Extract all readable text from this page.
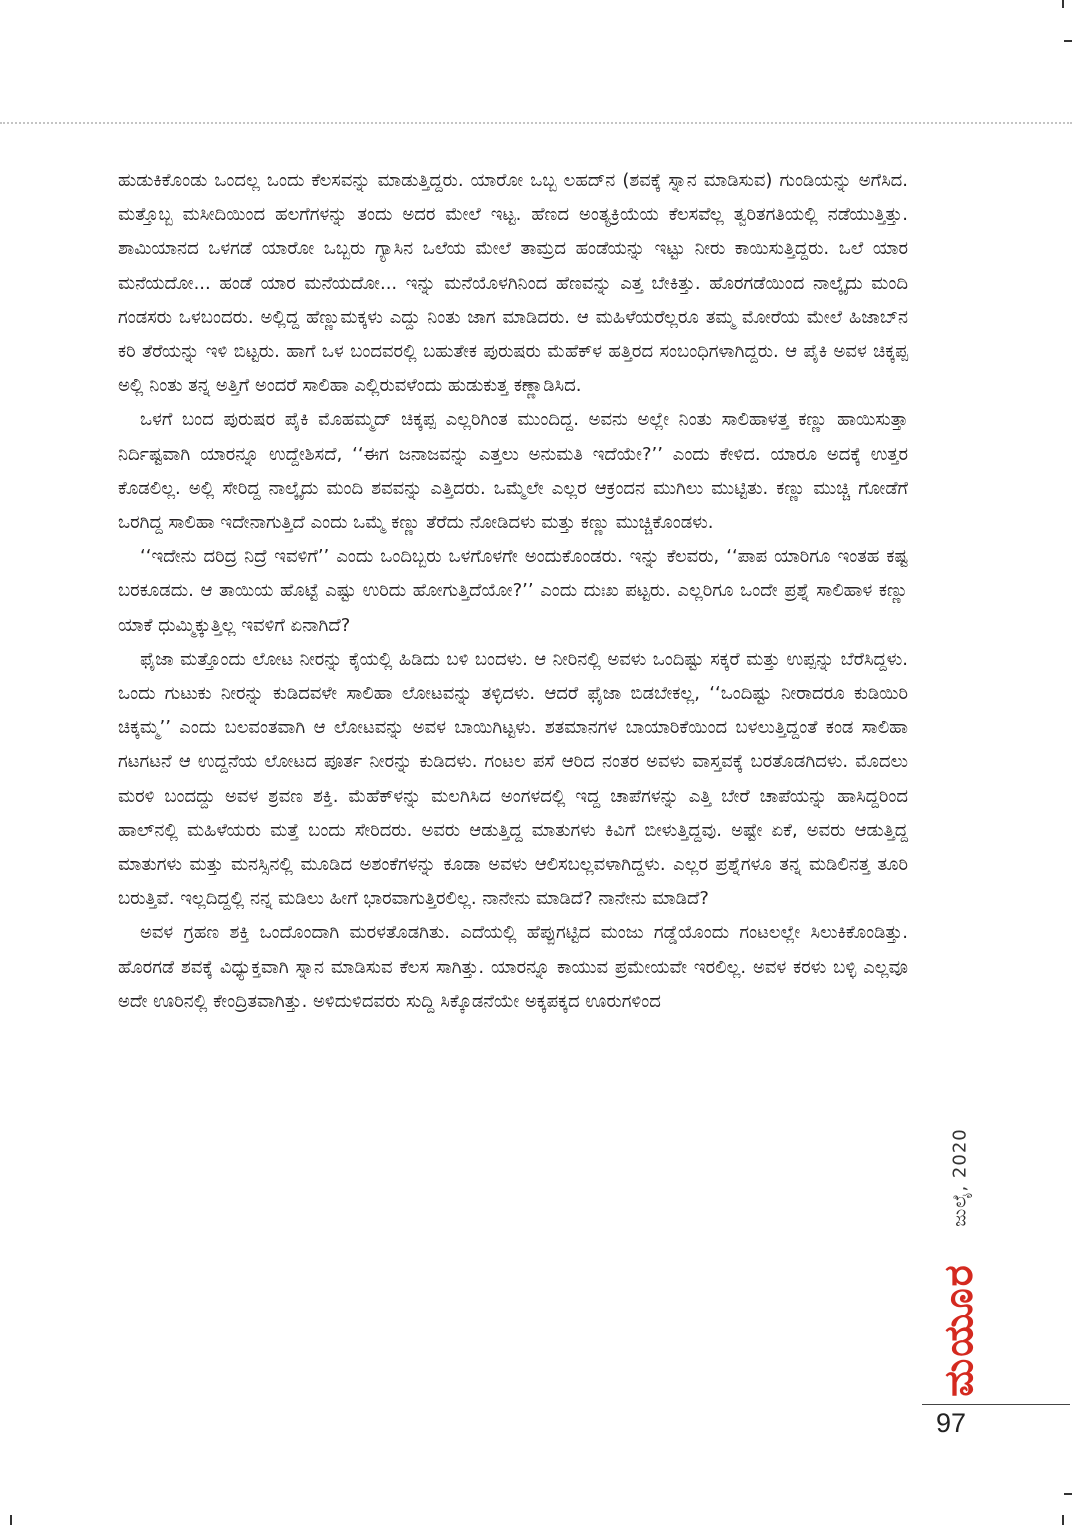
ಹುಡುಕಿಕೊಂಡು ಒಂದಲ್ಲ ಒಂದು ಕೆಲಸವನ್ನು ಮಾಡುತ್ತಿದ್ದರು. ಯಾರೋ ಒಬ್ಬ ಲಹದ್‌ನ (ಶವಕ್ಕೆ ಸ್ನಾನ ಮಾಡಿಸುವ) ಗುಂಡಿಯನ್ನು ಅಗೆಸಿದ. ಮತ್ತೊಬ್ಬ ಮಸೀದಿಯಿಂದ ಹಲಗೆಗಳನ್ನು ತಂದು ಅದರ ಮೇಲೆ ಇಟ್ಟ. ಹೆಣದ ಅಂತ್ಯಕ್ರಿಯೆಯ ಕೆಲಸವೆಲ್ಲ ತ್ವರಿತಗತಿಯಲ್ಲಿ ನಡೆಯುತ್ತಿತ್ತು. ಶಾಮಿಯಾನದ ಒಳಗಡೆ ಯಾರೋ ಒಬ್ಬರು ಗ್ಯಾಸಿನ ಒಲೆಯ ಮೇಲೆ ತಾಮ್ರದ ಹಂಡೆಯನ್ನು ಇಟ್ಟು ನೀರು ಕಾಯಿಸುತ್ತಿದ್ದರು. ಒಲೆ ಯಾರ ಮನೆಯದೋ... ಹಂಡೆ ಯಾರ ಮನೆಯದೋ... ಇನ್ನು ಮನೆಯೊಳಗಿನಿಂದ ಹೆಣವನ್ನು ಎತ್ತ ಬೇಕಿತ್ತು. ಹೊರಗಡೆಯಿಂದ ನಾಲ್ಕೈದು ಮಂದಿ ಗಂಡಸರು ಒಳಬಂದರು. ಅಲ್ಲಿದ್ದ ಹೆಣ್ಣುಮಕ್ಕಳು ಎದ್ದು ನಿಂತು ಜಾಗ ಮಾಡಿದರು. ಆ ಮಹಿಳೆಯರೆಲ್ಲರೂ ತಮ್ಮ ಮೋರೆಯ ಮೇಲೆ ಹಿಜಾಬ್‌ನ ಕರಿ ತೆರೆಯನ್ನು ಇಳಿ ಬಿಟ್ಟರು. ಹಾಗೆ ಒಳ ಬಂದವರಲ್ಲಿ ಬಹುತೇಕ ಪುರುಷರು ಮೆಹೆಕ್‌ಳ ಹತ್ತಿರದ ಸಂಬಂಧಿಗಳಾಗಿದ್ದರು. ಆ ಪೈಕಿ ಅವಳ ಚಿಕ್ಕಪ್ಪ ಅಲ್ಲಿ ನಿಂತು ತನ್ನ ಅತ್ತಿಗೆ ಅಂದರೆ ಸಾಲಿಹಾ ಎಲ್ಲಿರುವಳೆಂದು ಹುಡುಕುತ್ತ ಕಣ್ಣಾಡಿಸಿದ.

ಒಳಗೆ ಬಂದ ಪುರುಷರ ಪೈಕಿ ಮೊಹಮ್ಮದ್ ಚಿಕ್ಕಪ್ಪ ಎಲ್ಲರಿಗಿಂತ ಮುಂದಿದ್ದ. ಅವನು ಅಲ್ಲೇ ನಿಂತು ಸಾಲಿಹಾಳತ್ತ ಕಣ್ಣು ಹಾಯಿಸುತ್ತಾ ನಿರ್ದಿಷ್ಟವಾಗಿ ಯಾರನ್ನೂ ಉದ್ದೇಶಿಸದೆ, ‘‘ಈಗ ಜನಾಜವನ್ನು ಎತ್ತಲು ಅನುಮತಿ ಇದೆಯೇ?’’ ಎಂದು ಕೇಳಿದ. ಯಾರೂ ಅದಕ್ಕೆ ಉತ್ತರ ಕೊಡಲಿಲ್ಲ. ಅಲ್ಲಿ ಸೇರಿದ್ದ ನಾಲ್ಕೈದು ಮಂದಿ ಶವವನ್ನು ಎತ್ತಿದರು. ಒಮ್ಮೆಲೇ ಎಲ್ಲರ ಆಕ್ರಂದನ ಮುಗಿಲು ಮುಟ್ಟಿತು. ಕಣ್ಣು ಮುಚ್ಚಿ ಗೋಡೆಗೆ ಒರಗಿದ್ದ ಸಾಲಿಹಾ ಇದೇನಾಗುತ್ತಿದೆ ಎಂದು ಒಮ್ಮೆ ಕಣ್ಣು ತೆರೆದು ನೋಡಿದಳು ಮತ್ತು ಕಣ್ಣು ಮುಚ್ಚಿಕೊಂಡಳು.

‘‘ಇದೇನು ದರಿದ್ರ ನಿದ್ರೆ ಇವಳಿಗೆ’’ ಎಂದು ಒಂದಿಬ್ಬರು ಒಳಗೊಳಗೇ ಅಂದುಕೊಂಡರು. ಇನ್ನು ಕೆಲವರು, ‘‘ಪಾಪ ಯಾರಿಗೂ ಇಂತಹ ಕಷ್ಟ ಬರಕೂಡದು. ಆ ತಾಯಿಯ ಹೊಟ್ಟೆ ಎಷ್ಟು ಉರಿದು ಹೋಗುತ್ತಿದೆಯೋ?’’ ಎಂದು ದುಃಖ ಪಟ್ಟರು. ಎಲ್ಲರಿಗೂ ಒಂದೇ ಪ್ರಶ್ನೆ ಸಾಲಿಹಾಳ ಕಣ್ಣು ಯಾಕೆ ಧುಮ್ಮಿಕ್ಕುತ್ತಿಲ್ಲ ಇವಳಿಗೆ ಏನಾಗಿದೆ?

ಫೈಜಾ ಮತ್ತೊಂದು ಲೋಟ ನೀರನ್ನು ಕೈಯಲ್ಲಿ ಹಿಡಿದು ಬಳಿ ಬಂದಳು. ಆ ನೀರಿನಲ್ಲಿ ಅವಳು ಒಂದಿಷ್ಟು ಸಕ್ಕರೆ ಮತ್ತು ಉಪ್ಪನ್ನು ಬೆರೆಸಿದ್ದಳು. ಒಂದು ಗುಟುಕು ನೀರನ್ನು ಕುಡಿದವಳೇ ಸಾಲಿಹಾ ಲೋಟವನ್ನು ತಳ್ಳಿದಳು. ಆದರೆ ಫೈಜಾ ಬಿಡಬೇಕಲ್ಲ, ‘‘ಒಂದಿಷ್ಟು ನೀರಾದರೂ ಕುಡಿಯಿರಿ ಚಿಕ್ಕಮ್ಮ’’ ಎಂದು ಬಲವಂತವಾಗಿ ಆ ಲೋಟವನ್ನು ಅವಳ ಬಾಯಿಗಿಟ್ಟಳು. ಶತಮಾನಗಳ ಬಾಯಾರಿಕೆಯಿಂದ ಬಳಲುತ್ತಿದ್ದಂತೆ ಕಂಡ ಸಾಲಿಹಾ ಗಟಗಟನೆ ಆ ಉದ್ದನೆಯ ಲೋಟದ ಪೂರ್ತ ನೀರನ್ನು ಕುಡಿದಳು. ಗಂಟಲ ಪಸೆ ಆರಿದ ನಂತರ ಅವಳು ವಾಸ್ತವಕ್ಕೆ ಬರತೊಡಗಿದಳು. ಮೊದಲು ಮರಳಿ ಬಂದದ್ದು ಅವಳ ಶ್ರವಣ ಶಕ್ತಿ. ಮೆಹೆಕ್‌ಳನ್ನು ಮಲಗಿಸಿದ ಅಂಗಳದಲ್ಲಿ ಇದ್ದ ಚಾಪೆಗಳನ್ನು ಎತ್ತಿ ಬೇರೆ ಚಾಪೆಯನ್ನು ಹಾಸಿದ್ದರಿಂದ ಹಾಲ್‌ನಲ್ಲಿ ಮಹಿಳೆಯರು ಮತ್ತೆ ಬಂದು ಸೇರಿದರು. ಅವರು ಆಡುತ್ತಿದ್ದ ಮಾತುಗಳು ಕಿವಿಗೆ ಬೀಳುತ್ತಿದ್ದವು. ಅಷ್ಟೇ ಏಕೆ, ಅವರು ಆಡುತ್ತಿದ್ದ ಮಾತುಗಳು ಮತ್ತು ಮನಸ್ಸಿನಲ್ಲಿ ಮೂಡಿದ ಅಶಂಕೆಗಳನ್ನು ಕೂಡಾ ಅವಳು ಆಲಿಸಬಲ್ಲವಳಾಗಿದ್ದಳು. ಎಲ್ಲರ ಪ್ರಶ್ನೆಗಳೂ ತನ್ನ ಮಡಿಲಿನತ್ತ ತೂರಿ ಬರುತ್ತಿವೆ. ಇಲ್ಲದಿದ್ದಲ್ಲಿ ನನ್ನ ಮಡಿಲು ಹೀಗೆ ಭಾರವಾಗುತ್ತಿರಲಿಲ್ಲ. ನಾನೇನು ಮಾಡಿದೆ? ನಾನೇನು ಮಾಡಿದೆ?

ಅವಳ ಗ್ರಹಣ ಶಕ್ತಿ ಒಂದೊಂದಾಗಿ ಮರಳತೊಡಗಿತು. ಎದೆಯಲ್ಲಿ ಹೆಪ್ಪುಗಟ್ಟಿದ ಮಂಜು ಗಡ್ಡೆಯೊಂದು ಗಂಟಲಲ್ಲೇ ಸಿಲುಕಿಕೊಂಡಿತ್ತು. ಹೊರಗಡೆ ಶವಕ್ಕೆ ವಿಧ್ಯುಕ್ತವಾಗಿ ಸ್ನಾನ ಮಾಡಿಸುವ ಕೆಲಸ ಸಾಗಿತ್ತು. ಯಾರನ್ನೂ ಕಾಯುವ ಪ್ರಮೇಯವೇ ಇರಲಿಲ್ಲ. ಅವಳ ಕರಳು ಬಳ್ಳಿ ಎಲ್ಲವೂ ಅದೇ ಊರಿನಲ್ಲಿ ಕೇಂದ್ರಿತವಾಗಿತ್ತು. ಅಳಿದುಳಿದವರು ಸುದ್ದಿ ಸಿಕ್ಕೊಡನೆಯೇ ಅಕ್ಕಪಕ್ಕದ ಊರುಗಳಿಂದ

ಜುಲೈ, 2020
ಮಯೂರ
97
